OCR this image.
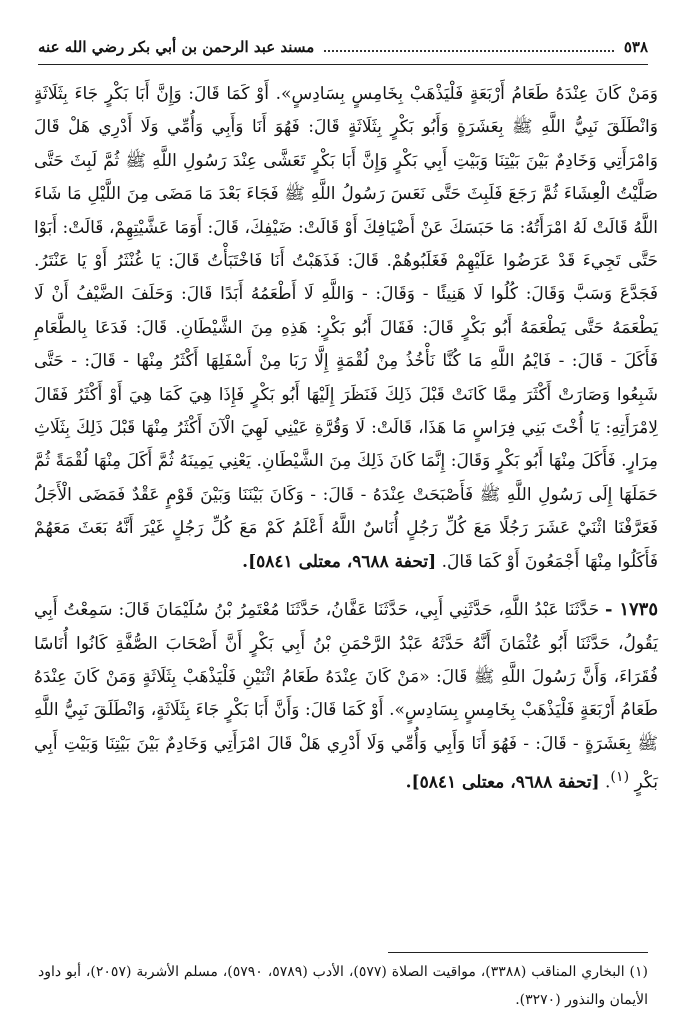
مسند عبد الرحمن بن أبي بكر رضي الله عنه	٥٣٨

وَمَنْ كَانَ عِنْدَهُ طَعَامُ أَرْبَعَةٍ فَلْيَذْهَبْ بِخَامِسٍ بِسَادِسٍ». أَوْ كَمَا قَالَ: وَإِنَّ أَبَا بَكْرٍ جَاءَ بِثَلَاثَةٍ وَانْطَلَقَ نَبِيُّ اللَّهِ ﷺ بِعَشَرَةٍ وَأَبُو بَكْرٍ بِثَلَاثَةٍ قَالَ: فَهُوَ أَنَا وَأَبِي وَأُمِّي وَلَا أَدْرِي هَلْ قَالَ وَامْرَأَتِي وَخَادِمٌ بَيْنَ بَيْتِنَا وَبَيْتِ أَبِي بَكْرٍ وَإِنَّ أَبَا بَكْرٍ تَعَشَّى عِنْدَ رَسُولِ اللَّهِ ﷺ ثُمَّ لَبِثَ حَتَّى صَلَّيْتُ الْعِشَاءَ ثُمَّ رَجَعَ فَلَبِثَ حَتَّى نَعَسَ رَسُولُ اللَّهِ ﷺ فَجَاءَ بَعْدَ مَا مَضَى مِنَ اللَّيْلِ مَا شَاءَ اللَّهُ قَالَتْ لَهُ امْرَأَتُهُ: مَا حَبَسَكَ عَنْ أَضْيَافِكَ أَوْ قَالَتْ: ضَيْفِكَ، قَالَ: أَوَمَا عَشَّيْتِهِمْ، قَالَتْ: أَبَوْا حَتَّى تَجِيءَ قَدْ عَرَضُوا عَلَيْهِمْ فَغَلَبُوهُمْ. قَالَ: فَذَهَبْتُ أَنَا فَاخْتَبَأْتُ قَالَ: يَا غُنْثَرُ أَوْ يَا عَنْتَرُ. فَجَدَّعَ وَسَبَّ وَقَالَ: كُلُوا لَا هَنِيئًا - وَقَالَ: - وَاللَّهِ لَا أَطْعَمُهُ أَبَدًا قَالَ: وَحَلَفَ الضَّيْفُ أَنْ لَا يَطْعَمَهُ حَتَّى يَطْعَمَهُ أَبُو بَكْرٍ قَالَ: فَقَالَ أَبُو بَكْرٍ: هَذِهِ مِنَ الشَّيْطَانِ. قَالَ: فَدَعَا بِالطَّعَامِ فَأَكَلَ - قَالَ: - فَايْمُ اللَّهِ مَا كُنَّا نَأْخُذُ مِنْ لُقْمَةٍ إِلَّا رَبَا مِنْ أَسْفَلِهَا أَكْثَرُ مِنْهَا - قَالَ: - حَتَّى شَبِعُوا وَصَارَتْ أَكْثَرَ مِمَّا كَانَتْ قَبْلَ ذَلِكَ فَنَظَرَ إِلَيْهَا أَبُو بَكْرٍ فَإِذَا هِيَ كَمَا هِيَ أَوْ أَكْثَرُ فَقَالَ لِامْرَأَتِهِ: يَا أُخْتَ بَنِي فِرَاسٍ مَا هَذَا، قَالَتْ: لَا وَقُرَّةِ عَيْنِي لَهِيَ الْآنَ أَكْثَرُ مِنْهَا قَبْلَ ذَلِكَ بِثَلَاثِ مِرَارٍ. فَأَكَلَ مِنْهَا أَبُو بَكْرٍ وَقَالَ: إِنَّمَا كَانَ ذَلِكَ مِنَ الشَّيْطَانِ. يَعْنِي يَمِينَهُ ثُمَّ أَكَلَ مِنْهَا لُقْمَةً ثُمَّ حَمَلَهَا إِلَى رَسُولِ اللَّهِ ﷺ فَأَصْبَحَتْ عِنْدَهُ - قَالَ: - وَكَانَ بَيْنَنَا وَبَيْنَ قَوْمٍ عَقْدٌ فَمَضَى الْأَجَلُ فَعَرَّفْنَا اثْنَيْ عَشَرَ رَجُلًا مَعَ كُلِّ رَجُلٍ أُنَاسٌ اللَّهُ أَعْلَمُ كَمْ مَعَ كُلِّ رَجُلٍ غَيْرَ أَنَّهُ بَعَثَ مَعَهُمْ فَأَكَلُوا مِنْهَا أَجْمَعُونَ أَوْ كَمَا قَالَ. [تحفة ٩٦٨٨، معتلى ٥٨٤١].

١٧٣٥ - حَدَّثَنَا عَبْدُ اللَّهِ، حَدَّثَنِي أَبِي، حَدَّثَنَا عَفَّانُ، حَدَّثَنَا مُعْتَمِرُ بْنُ سُلَيْمَانَ قَالَ: سَمِعْتُ أَبِي يَقُولُ، حَدَّثَنَا أَبُو عُثْمَانَ أَنَّهُ حَدَّثَهُ عَبْدُ الرَّحْمَنِ بْنُ أَبِي بَكْرٍ أَنَّ أَصْحَابَ الصُّفَّةِ كَانُوا أُنَاسًا فُقَرَاءَ، وَأَنَّ رَسُولَ اللَّهِ ﷺ قَالَ: «مَنْ كَانَ عِنْدَهُ طَعَامُ اثْنَيْنِ فَلْيَذْهَبْ بِثَلَاثَةٍ وَمَنْ كَانَ عِنْدَهُ طَعَامُ أَرْبَعَةٍ فَلْيَذْهَبْ بِخَامِسٍ بِسَادِسٍ». أَوْ كَمَا قَالَ: وَأَنَّ أَبَا بَكْرٍ جَاءَ بِثَلَاثَةٍ، وَانْطَلَقَ نَبِيُّ اللَّهِ ﷺ بِعَشَرَةٍ - قَالَ: - فَهُوَ أَنَا وَأَبِي وَأُمِّي وَلَا أَدْرِي هَلْ قَالَ امْرَأَتِي وَخَادِمٌ بَيْنَ بَيْتِنَا وَبَيْتِ أَبِي بَكْرٍ $^{(١)}$. [تحفة ٩٦٨٨، معتلى ٥٨٤١].

(١) البخاري المناقب (٣٣٨٨)، مواقيت الصلاة (٥٧٧)، الأدب (٥٧٨٩، ٥٧٩٠)، مسلم الأشربة (٢٠٥٧)، أبو داود الأيمان والنذور (٣٢٧٠).
